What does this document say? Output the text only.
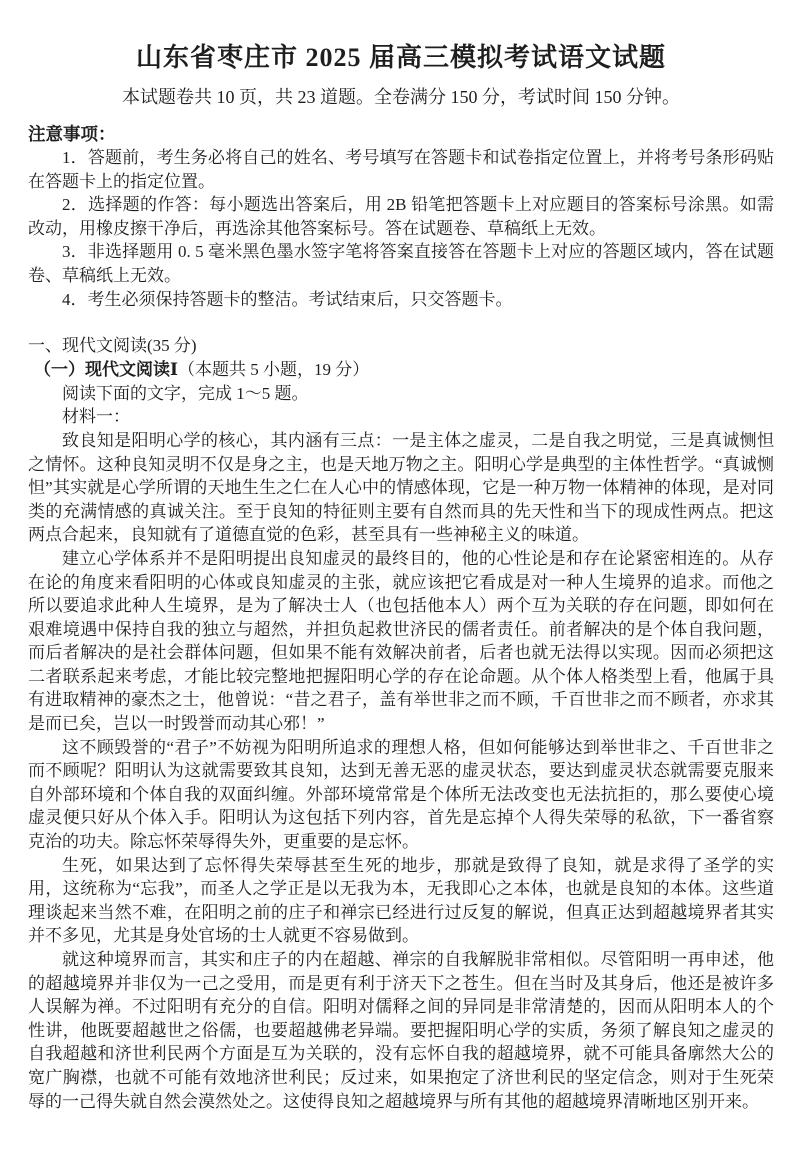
山东省枣庄市 2025 届高三模拟考试语文试题

本试题卷共 10 页，共 23 道题。全卷满分 150 分，考试时间 150 分钟。

注意事项：

1．答题前，考生务必将自己的姓名、考号填写在答题卡和试卷指定位置上，并将考号条形码贴在答题卡上的指定位置。

2．选择题的作答：每小题选出答案后，用 2B 铅笔把答题卡上对应题目的答案标号涂黑。如需改动，用橡皮擦干净后，再选涂其他答案标号。答在试题卷、草稿纸上无效。

3．非选择题用 0. 5 毫米黑色墨水签字笔将答案直接答在答题卡上对应的答题区域内，答在试题卷、草稿纸上无效。

4．考生必须保持答题卡的整洁。考试结束后，只交答题卡。

一、现代文阅读(35 分)

（一）现代文阅读Ⅰ（本题共 5 小题，19 分）

阅读下面的文字，完成 1～5 题。

材料一：

致良知是阳明心学的核心，其内涵有三点：一是主体之虚灵，二是自我之明觉，三是真诚恻怛之情怀。这种良知灵明不仅是身之主，也是天地万物之主。阳明心学是典型的主体性哲学。“真诚恻怛”其实就是心学所谓的天地生生之仁在人心中的情感体现，它是一种万物一体精神的体现，是对同类的充满情感的真诚关注。至于良知的特征则主要有自然而具的先天性和当下的现成性两点。把这两点合起来，良知就有了道德直觉的色彩，甚至具有一些神秘主义的味道。

建立心学体系并不是阳明提出良知虚灵的最终目的，他的心性论是和存在论紧密相连的。从存在论的角度来看阳明的心体或良知虚灵的主张，就应该把它看成是对一种人生境界的追求。而他之所以要追求此种人生境界，是为了解决士人（也包括他本人）两个互为关联的存在问题，即如何在艰难境遇中保持自我的独立与超然，并担负起救世济民的儒者责任。前者解决的是个体自我问题，而后者解决的是社会群体问题，但如果不能有效解决前者，后者也就无法得以实现。因而必须把这二者联系起来考虑，才能比较完整地把握阳明心学的存在论命题。从个体人格类型上看，他属于具有进取精神的豪杰之士，他曾说：“昔之君子，盖有举世非之而不顾，千百世非之而不顾者，亦求其是而已矣，岂以一时毁誉而动其心邪！”

这不顾毁誉的“君子”不妨视为阳明所追求的理想人格，但如何能够达到举世非之、千百世非之而不顾呢？阳明认为这就需要致其良知，达到无善无恶的虚灵状态，要达到虚灵状态就需要克服来自外部环境和个体自我的双面纠缠。外部环境常常是个体所无法改变也无法抗拒的，那么要使心境虚灵便只好从个体入手。阳明认为这包括下列内容，首先是忘掉个人得失荣辱的私欲，下一番省察克治的功夫。除忘怀荣辱得失外，更重要的是忘怀。

生死，如果达到了忘怀得失荣辱甚至生死的地步，那就是致得了良知，就是求得了圣学的实用，这统称为“忘我”，而圣人之学正是以无我为本，无我即心之本体，也就是良知的本体。这些道理谈起来当然不难，在阳明之前的庄子和禅宗已经进行过反复的解说，但真正达到超越境界者其实并不多见，尤其是身处官场的士人就更不容易做到。

就这种境界而言，其实和庄子的内在超越、禅宗的自我解脱非常相似。尽管阳明一再申述，他的超越境界并非仅为一己之受用，而是更有利于济天下之苍生。但在当时及其身后，他还是被许多人误解为禅。不过阳明有充分的自信。阳明对儒释之间的异同是非常清楚的，因而从阳明本人的个性讲，他既要超越世之俗儒，也要超越佛老异端。要把握阳明心学的实质，务须了解良知之虚灵的自我超越和济世利民两个方面是互为关联的，没有忘怀自我的超越境界，就不可能具备廓然大公的宽广胸襟，也就不可能有效地济世利民；反过来，如果抱定了济世利民的坚定信念，则对于生死荣辱的一己得失就自然会漠然处之。这使得良知之超越境界与所有其他的超越境界清晰地区别开来。
